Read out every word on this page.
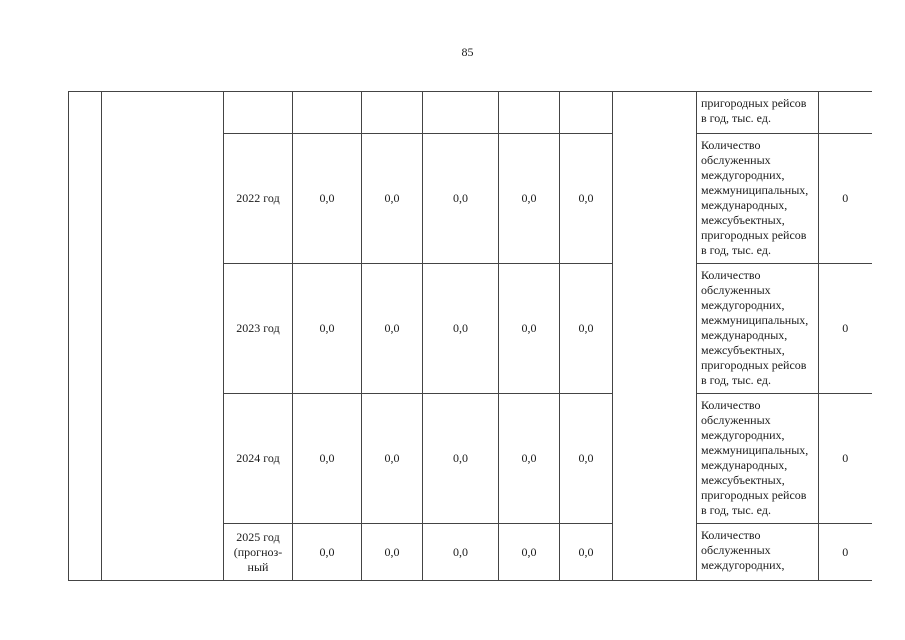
85
									пригородных рейсов в год, тыс. ед.	
		2022 год	0,0	0,0	0,0	0,0	0,0		Количество обслуженных междугородних, межмуниципальных, международных, межсубъектных, пригородных рейсов в год, тыс. ед.	0
		2023 год	0,0	0,0	0,0	0,0	0,0		Количество обслуженных междугородних, межмуниципальных, международных, межсубъектных, пригородных рейсов в год, тыс. ед.	0
		2024 год	0,0	0,0	0,0	0,0	0,0		Количество обслуженных междугородних, межмуниципальных, международных, межсубъектных, пригородных рейсов в год, тыс. ед.	0
		2025 год (прогноз-ный	0,0	0,0	0,0	0,0	0,0		Количество обслуженных междугородних,	0
